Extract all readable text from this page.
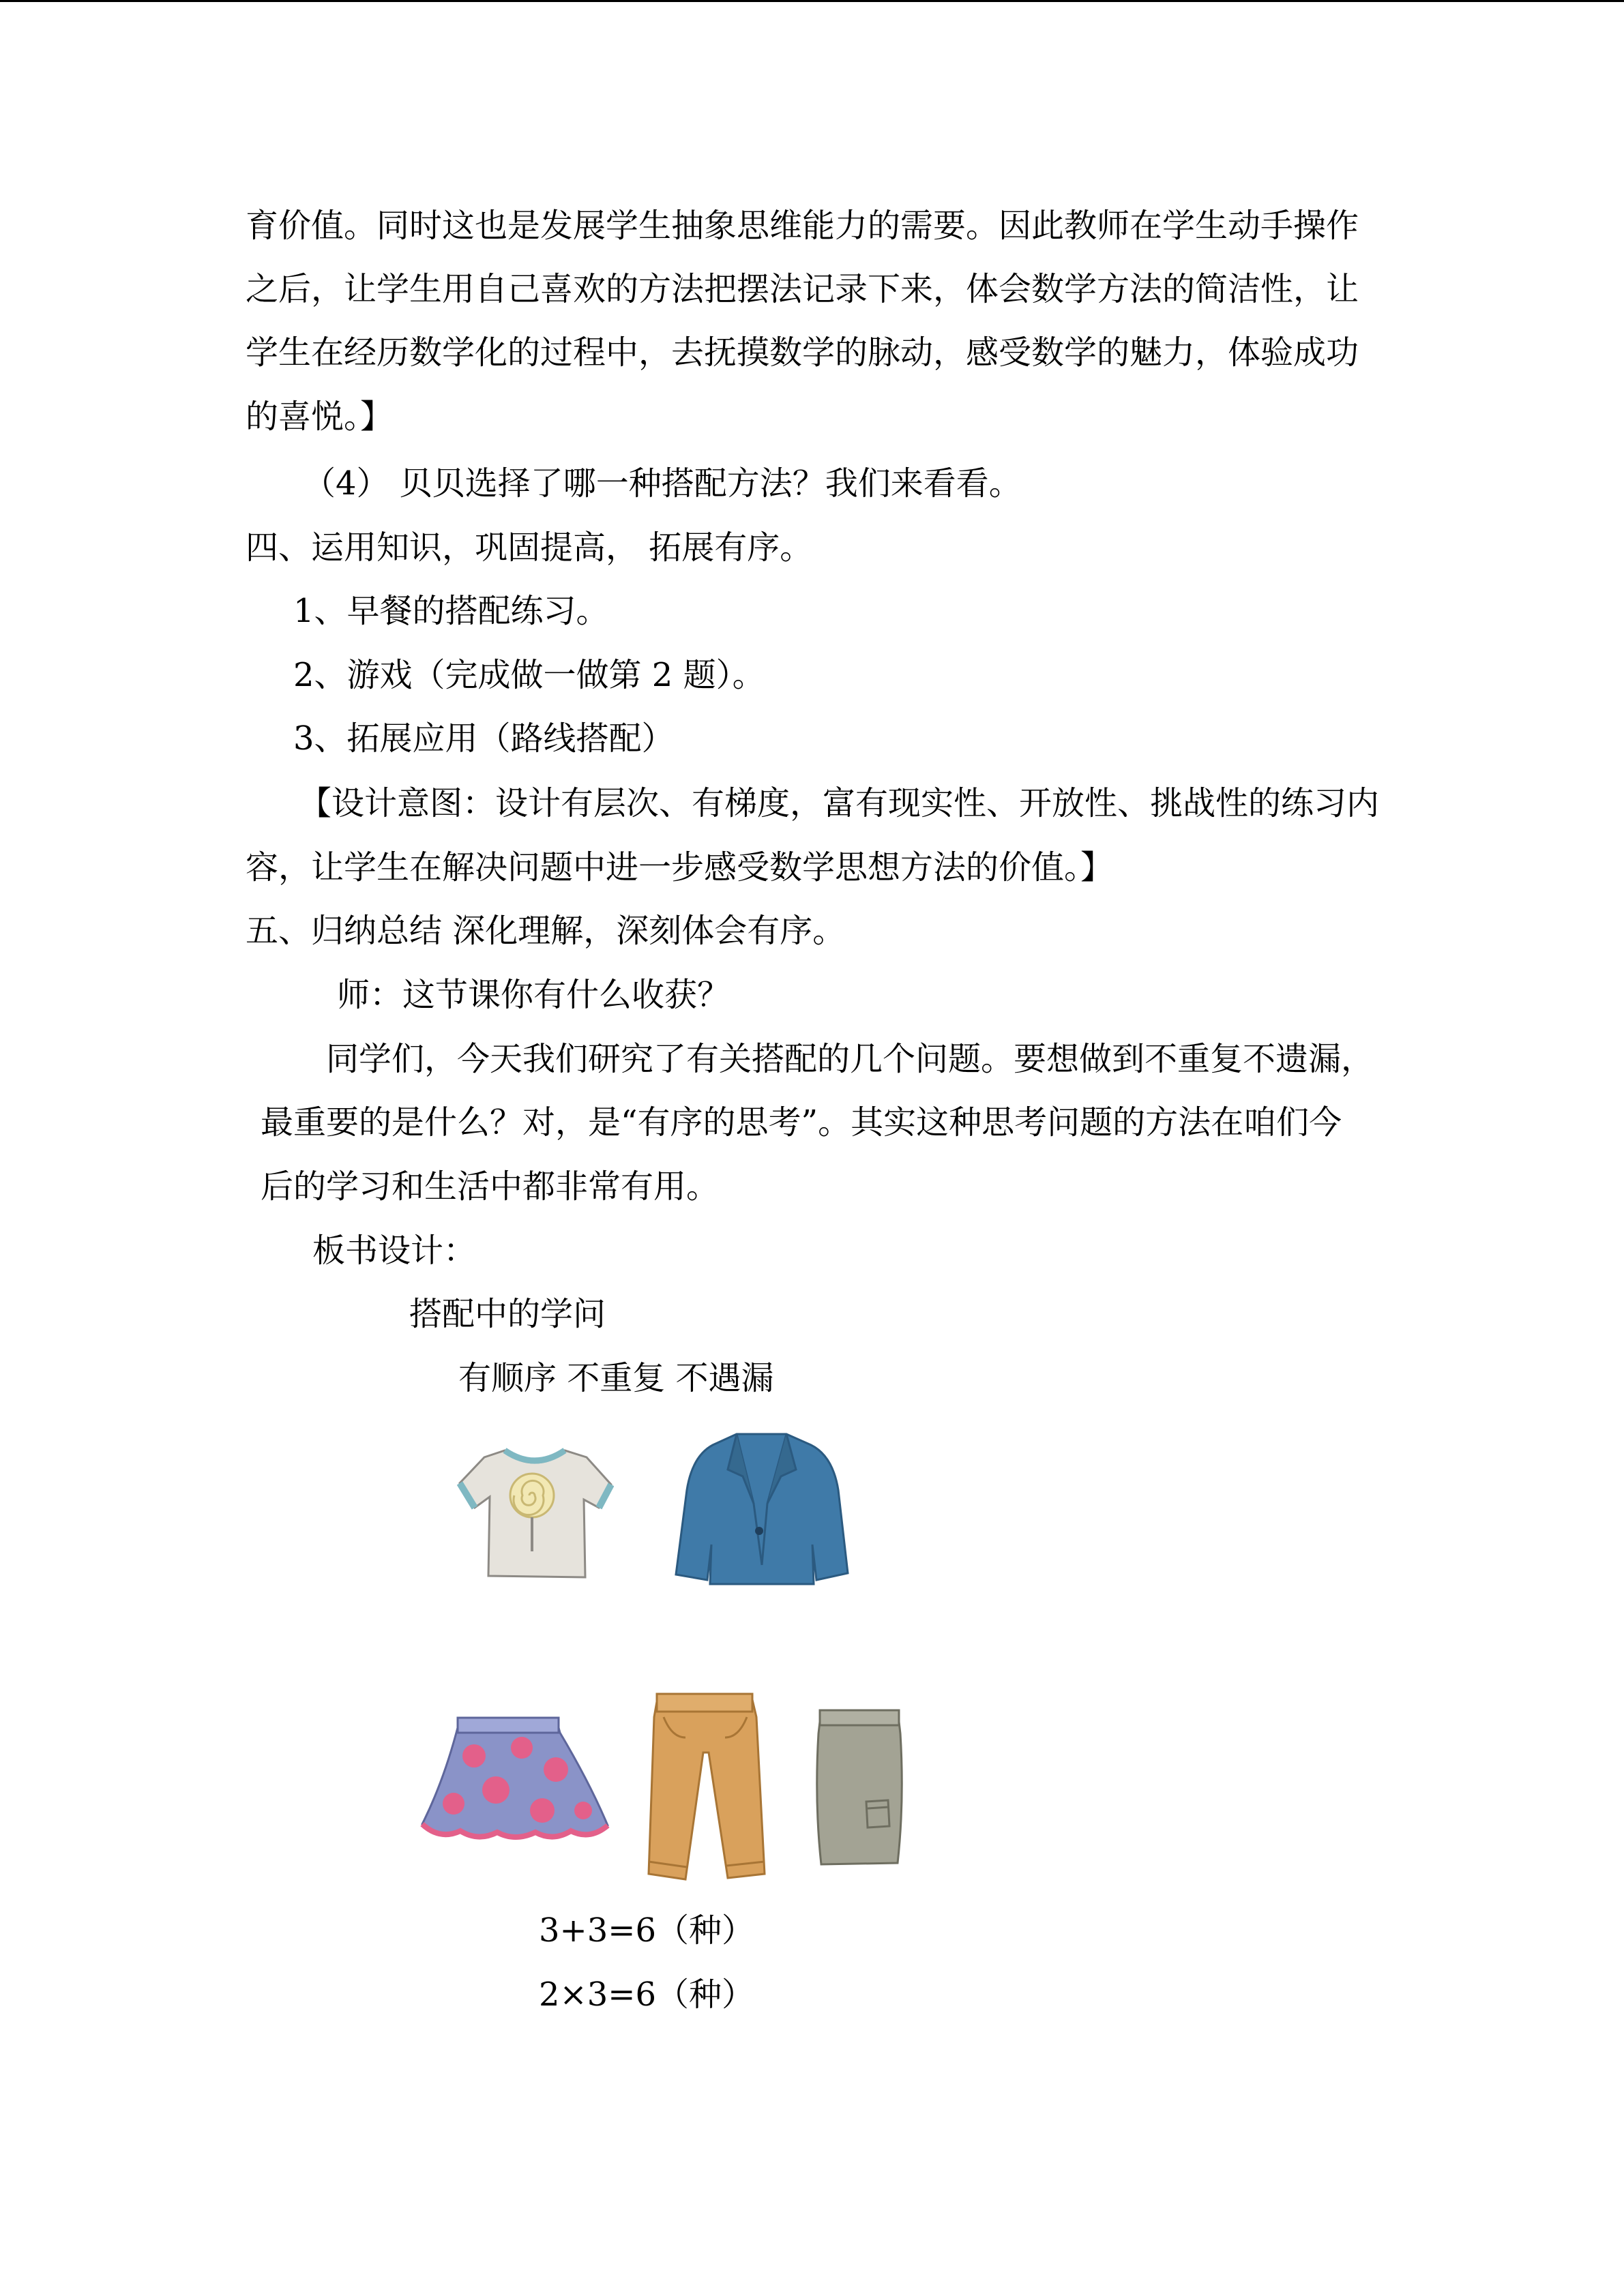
育价值。同时这也是发展学生抽象思维能力的需要。因此教师在学生动手操作
之后，让学生用自己喜欢的方法把摆法记录下来，体会数学方法的简洁性，让
学生在经历数学化的过程中，去抚摸数学的脉动，感受数学的魅力，体验成功
的喜悦。】
（4） 贝贝选择了哪一种搭配方法？我们来看看。
四、运用知识，巩固提高， 拓展有序。
1、早餐的搭配练习。
2、游戏（完成做一做第 2 题）。
3、拓展应用（路线搭配）
【设计意图：设计有层次、有梯度，富有现实性、开放性、挑战性的练习内
容，让学生在解决问题中进一步感受数学思想方法的价值。】
五、归纳总结 深化理解，深刻体会有序。
师：这节课你有什么收获？
同学们，今天我们研究了有关搭配的几个问题。要想做到不重复不遗漏，
最重要的是什么？对，是“有序的思考”。其实这种思考问题的方法在咱们今
后的学习和生活中都非常有用。
板书设计：
搭配中的学问
有顺序 不重复 不遇漏
3+3=6（种）
2×3=6（种）
